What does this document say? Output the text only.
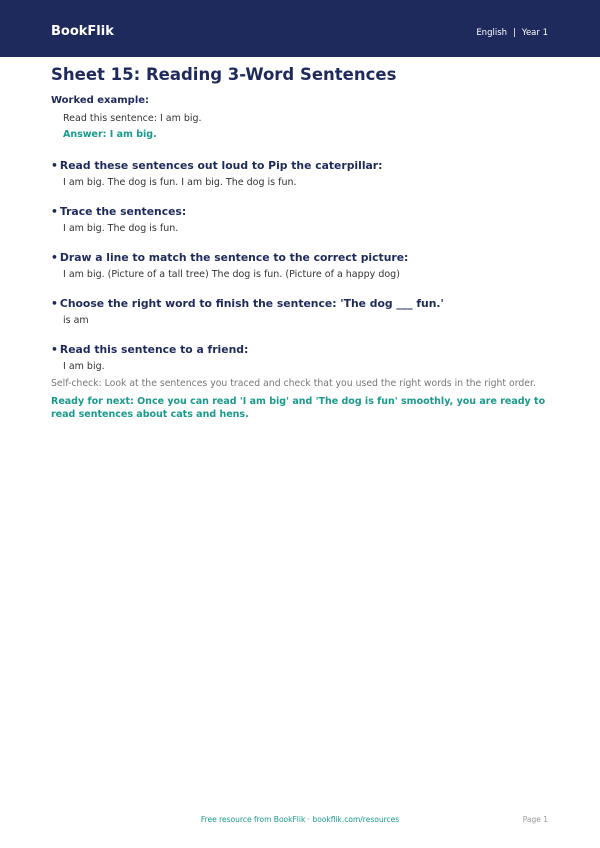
BookFlik	English | Year 1
Sheet 15: Reading 3-Word Sentences

Worked example:

Read this sentence: I am big.
Answer: I am big.
• Read these sentences out loud to Pip the caterpillar:
I am big. The dog is fun. I am big. The dog is fun.
• Trace the sentences:
I am big. The dog is fun.
• Draw a line to match the sentence to the correct picture:
I am big. (Picture of a tall tree) The dog is fun. (Picture of a happy dog)
• Choose the right word to finish the sentence: 'The dog ___ fun.'
is am
• Read this sentence to a friend:
I am big.
Self-check: Look at the sentences you traced and check that you used the right words in the right order.
Ready for next: Once you can read 'I am big' and 'The dog is fun' smoothly, you are ready to read sentences about cats and hens.
Free resource from BookFlik · bookflik.com/resources	Page 1
